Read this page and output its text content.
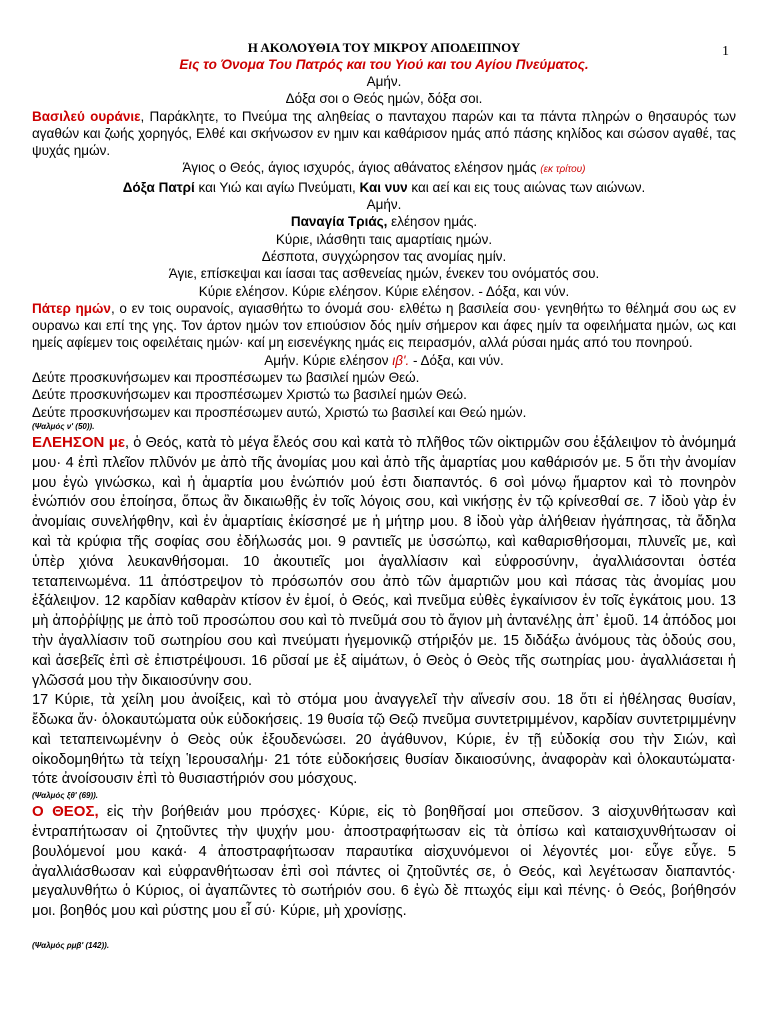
1
Η ΑΚΟΛΟΥΘΙΑ ΤΟΥ ΜΙΚΡΟΥ ΑΠΟΔΕΙΠΝΟΥ
Εις το Όνομα Του Πατρός και του Υιού και του Αγίου Πνεύματος.
Αμήν.
Δόξα σοι ο Θεός ημών, δόξα σοι.
Βασιλεύ ουράνιε, Παράκλητε, το Πνεύμα της αληθείας ο πανταχου παρών και τα πάντα πληρών ο θησαυρός των αγαθών και ζωής χορηγός, Ελθέ και σκήνωσον εν ημιν και καθάρισον ημάς από πάσης κηλίδος και σώσον αγαθέ, τας ψυχάς ημών.
Άγιος ο Θεός, άγιος ισχυρός, άγιος αθάνατος ελέησον ημάς (εκ τρίτου)
Δόξα Πατρί και Υιώ και αγίω Πνεύματι, Και νυν και αεί και εις τους αιώνας των αιώνων.
Αμήν.
Παναγία Τριάς, ελέησον ημάς.
Κύριε, ιλάσθητι ταις αμαρτίαις ημών.
Δέσποτα, συγχώρησον τας ανομίας ημίν.
Άγιε, επίσκεψαι και ίασαι τας ασθενείας ημών, ένεκεν του ονόματός σου.
Κύριε ελέησον. Κύριε ελέησον. Κύριε ελέησον. - Δόξα, και νύν.
Πάτερ ημών, ο εν τοις ουρανοίς, αγιασθήτω το όνομά σου· ελθέτω η βασιλεία σου· γενηθήτω το θέλημά σου ως εν ουρανω και επί της γης. Τον άρτον ημών τον επιούσιον δός ημίν σήμερον και άφες ημίν τα οφειλήματα ημών, ως και ημείς αφίεμεν τοις οφειλέταις ημών· καί μη εισενέγκης ημάς εις πειρασμόν, αλλά ρύσαι ημάς από του πονηρού.
Αμήν. Κύριε ελέησον ιβ'. - Δόξα, και νύν.
Δεύτε προσκυνήσωμεν και προσπέσωμεν τω βασιλεί ημών Θεώ.
Δεύτε προσκυνήσωμεν και προσπέσωμεν Χριστώ τω βασιλεί ημών Θεώ.
Δεύτε προσκυνήσωμεν και προσπέσωμεν αυτώ, Χριστώ τω βασιλεί και Θεώ ημών.
(Ψαλμός ν' (50)).
ΕΛΕΗΣΟΝ με, ὁ Θεός, κατὰ τὸ μέγα ἔλεός σου καὶ κατὰ τὸ πλῆθος τῶν οἰκτιρμῶν σου ἐξάλειψον τὸ ἀνόμημά μου· 4 ἐπὶ πλεῖον πλῦνόν με ἀπὸ τῆς ἀνομίας μου καὶ ἀπὸ τῆς ἁμαρτίας μου καθάρισόν με. 5 ὅτι τὴν ἀνομίαν μου ἐγὼ γινώσκω, καὶ ἡ ἁμαρτία μου ἐνώπιόν μού ἐστι διαπαντός. 6 σοὶ μόνῳ ἥμαρτον καὶ τὸ πονηρὸν ἐνώπιόν σου ἐποίησα, ὅπως ἂν δικαιωθῇς ἐν τοῖς λόγοις σου, καὶ νικήσῃς ἐν τῷ κρίνεσθαί σε. 7 ἰδοὺ γὰρ ἐν ἀνομίαις συνελήφθην, καὶ ἐν ἁμαρτίαις ἐκίσσησέ με ἡ μήτηρ μου. 8 ἰδοὺ γὰρ ἀλήθειαν ἠγάπησας, τὰ ἄδηλα καὶ τὰ κρύφια τῆς σοφίας σου ἐδήλωσάς μοι. 9 ραντιεῖς με ὑσσώπῳ, καὶ καθαρισθήσομαι, πλυνεῖς με, καὶ ὑπὲρ χιόνα λευκανθήσομαι. 10 ἀκουτιεῖς μοι ἀγαλλίασιν καὶ εὐφροσύνην, ἀγαλλιάσονται ὀστέα τεταπεινωμένα. 11 ἀπόστρεψον τὸ πρόσωπόν σου ἀπὸ τῶν ἁμαρτιῶν μου καὶ πάσας τὰς ἀνομίας μου ἐξάλειψον. 12 καρδίαν καθαρὰν κτίσον ἐν ἐμοί, ὁ Θεός, καὶ πνεῦμα εὐθὲς ἐγκαίνισον ἐν τοῖς ἐγκάτοις μου. 13 μὴ ἀποῤῥίψῃς με ἀπὸ τοῦ προσώπου σου καὶ τὸ πνεῦμά σου τὸ ἅγιον μὴ ἀντανέλῃς ἀπ᾿ ἐμοῦ. 14 ἀπόδος μοι τὴν ἀγαλλίασιν τοῦ σωτηρίου σου καὶ πνεύματι ἡγεμονικῷ στήριξόν με. 15 διδάξω ἀνόμους τὰς ὁδούς σου, καὶ ἀσεβεῖς ἐπὶ σὲ ἐπιστρέψουσι. 16 ρῦσαί με ἐξ αἱμάτων, ὁ Θεὸς ὁ Θεὸς τῆς σωτηρίας μου· ἀγαλλιάσεται ἡ γλῶσσά μου τὴν δικαιοσύνην σου.
17 Κύριε, τὰ χείλη μου ἀνοίξεις, καὶ τὸ στόμα μου ἀναγγελεῖ τὴν αἴνεσίν σου. 18 ὅτι εἰ ἠθέλησας θυσίαν, ἔδωκα ἄν· ὁλοκαυτώματα οὐκ εὐδοκήσεις. 19 θυσία τῷ Θεῷ πνεῦμα συντετριμμένον, καρδίαν συντετριμμένην καὶ τεταπεινωμένην ὁ Θεὸς οὐκ ἐξουδενώσει. 20 ἀγάθυνον, Κύριε, ἐν τῇ εὐδοκίᾳ σου τὴν Σιών, καὶ οἰκοδομηθήτω τὰ τείχη Ἱερουσαλήμ· 21 τότε εὐδοκήσεις θυσίαν δικαιοσύνης, ἀναφορὰν καὶ ὁλοκαυτώματα· τότε ἀνοίσουσιν ἐπὶ τὸ θυσιαστήριόν σου μόσχους.
(Ψαλμός ξθ' (69)).
Ο ΘΕΟΣ, εἰς τὴν βοήθειάν μου πρόσχες· Κύριε, εἰς τὸ βοηθῆσαί μοι σπεῦσον. 3 αἰσχυνθήτωσαν καὶ ἐντραπήτωσαν οἱ ζητοῦντες τὴν ψυχήν μου· ἀποστραφήτωσαν εἰς τὰ ὀπίσω καὶ καταισχυνθήτωσαν οἱ βουλόμενοί μου κακά· 4 ἀποστραφήτωσαν παραυτίκα αἰσχυνόμενοι οἱ λέγοντές μοι· εὖγε εὖγε. 5 ἀγαλλιάσθωσαν καὶ εὐφρανθήτωσαν ἐπὶ σοὶ πάντες οἱ ζητοῦντές σε, ὁ Θεός, καὶ λεγέτωσαν διαπαντός· μεγαλυνθήτω ὁ Κύριος, οἱ ἀγαπῶντες τὸ σωτήριόν σου. 6 ἐγὼ δὲ πτωχός εἰμι καὶ πένης· ὁ Θεός, βοήθησόν μοι. βοηθός μου καὶ ρύστης μου εἶ σύ· Κύριε, μὴ χρονίσῃς.
(Ψαλμός ρμβ' (142)).
